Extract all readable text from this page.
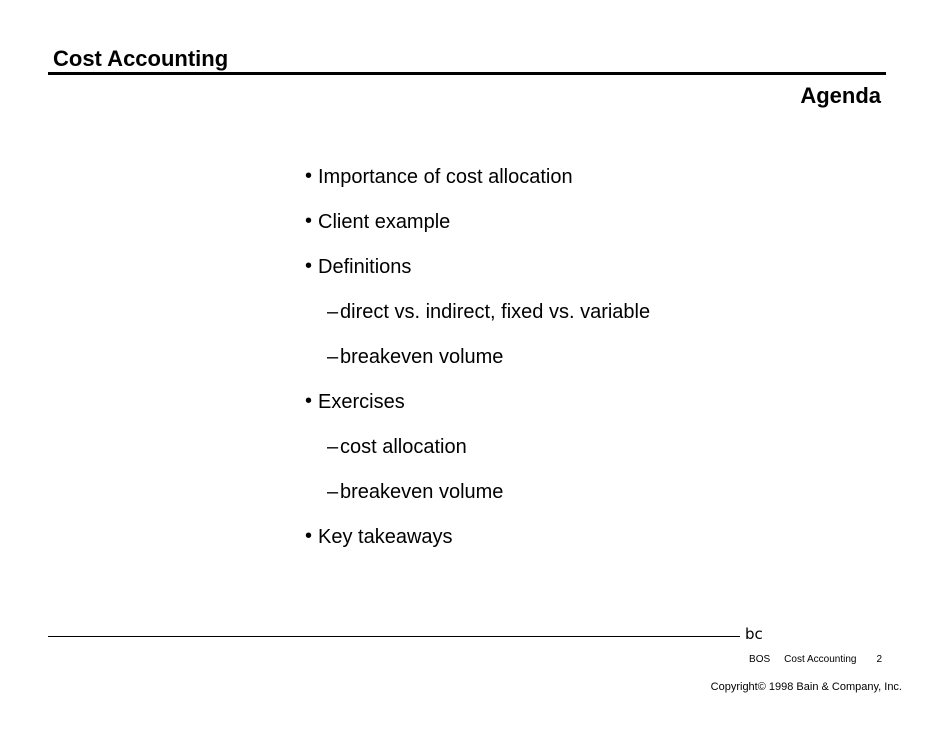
Cost Accounting
Agenda
• Importance of cost allocation
• Client example
• Definitions
– direct vs. indirect, fixed vs. variable
– breakeven volume
• Exercises
– cost allocation
– breakeven volume
• Key takeaways
bc
BOS Cost Accounting 2
Copyright© 1998 Bain & Company, Inc.
